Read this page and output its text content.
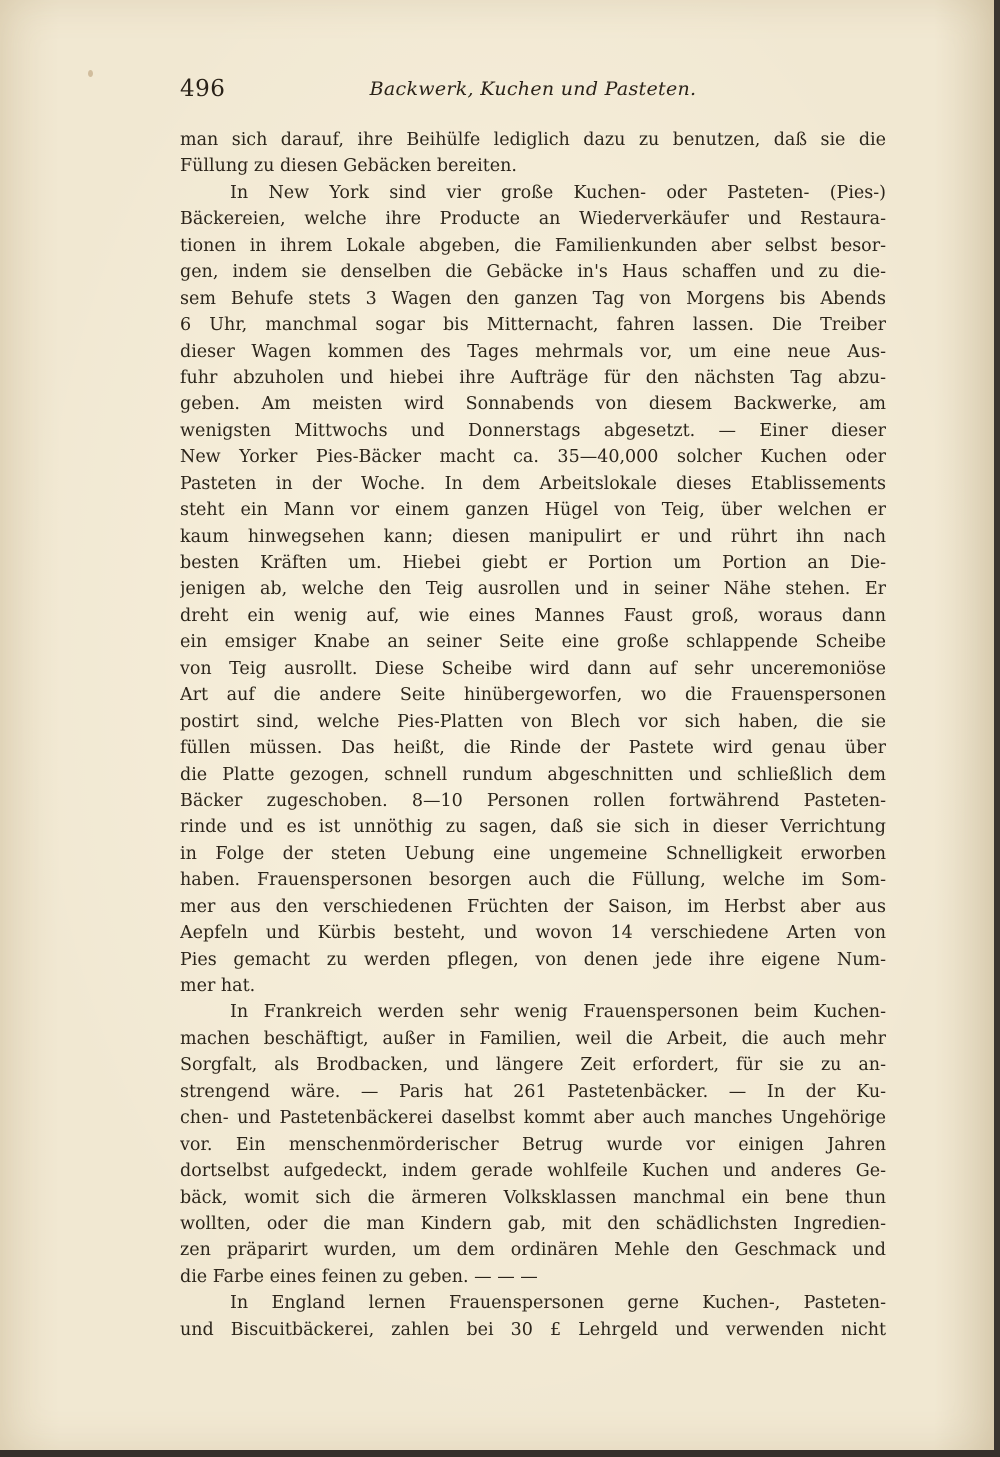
496	Backwerk, Kuchen und Pasteten.
man sich darauf, ihre Beihülfe lediglich dazu zu benutzen, daß sie die
Füllung zu diesen Gebäcken bereiten.
In New York sind vier große Kuchen- oder Pasteten- (Pies-)
Bäckereien, welche ihre Producte an Wiederverkäufer und Restaura-
tionen in ihrem Lokale abgeben, die Familienkunden aber selbst besor-
gen, indem sie denselben die Gebäcke in's Haus schaffen und zu die-
sem Behufe stets 3 Wagen den ganzen Tag von Morgens bis Abends
6 Uhr, manchmal sogar bis Mitternacht, fahren lassen. Die Treiber
dieser Wagen kommen des Tages mehrmals vor, um eine neue Aus-
fuhr abzuholen und hiebei ihre Aufträge für den nächsten Tag abzu-
geben. Am meisten wird Sonnabends von diesem Backwerke, am
wenigsten Mittwochs und Donnerstags abgesetzt. — Einer dieser
New Yorker Pies-Bäcker macht ca. 35—40,000 solcher Kuchen oder
Pasteten in der Woche. In dem Arbeitslokale dieses Etablissements
steht ein Mann vor einem ganzen Hügel von Teig, über welchen er
kaum hinwegsehen kann; diesen manipulirt er und rührt ihn nach
besten Kräften um. Hiebei giebt er Portion um Portion an Die-
jenigen ab, welche den Teig ausrollen und in seiner Nähe stehen. Er
dreht ein wenig auf, wie eines Mannes Faust groß, woraus dann
ein emsiger Knabe an seiner Seite eine große schlappende Scheibe
von Teig ausrollt. Diese Scheibe wird dann auf sehr unceremoniöse
Art auf die andere Seite hinübergeworfen, wo die Frauenspersonen
postirt sind, welche Pies-Platten von Blech vor sich haben, die sie
füllen müssen. Das heißt, die Rinde der Pastete wird genau über
die Platte gezogen, schnell rundum abgeschnitten und schließlich dem
Bäcker zugeschoben. 8—10 Personen rollen fortwährend Pasteten-
rinde und es ist unnöthig zu sagen, daß sie sich in dieser Verrichtung
in Folge der steten Uebung eine ungemeine Schnelligkeit erworben
haben. Frauenspersonen besorgen auch die Füllung, welche im Som-
mer aus den verschiedenen Früchten der Saison, im Herbst aber aus
Aepfeln und Kürbis besteht, und wovon 14 verschiedene Arten von
Pies gemacht zu werden pflegen, von denen jede ihre eigene Num-
mer hat.
In Frankreich werden sehr wenig Frauenspersonen beim Kuchen-
machen beschäftigt, außer in Familien, weil die Arbeit, die auch mehr
Sorgfalt, als Brodbacken, und längere Zeit erfordert, für sie zu an-
strengend wäre. — Paris hat 261 Pastetenbäcker. — In der Ku-
chen- und Pastetenbäckerei daselbst kommt aber auch manches Ungehörige
vor. Ein menschenmörderischer Betrug wurde vor einigen Jahren
dortselbst aufgedeckt, indem gerade wohlfeile Kuchen und anderes Ge-
bäck, womit sich die ärmeren Volksklassen manchmal ein bene thun
wollten, oder die man Kindern gab, mit den schädlichsten Ingredien-
zen präparirt wurden, um dem ordinären Mehle den Geschmack und
die Farbe eines feinen zu geben. — — —
In England lernen Frauenspersonen gerne Kuchen-, Pasteten-
und Biscuitbäckerei, zahlen bei 30 £ Lehrgeld und verwenden nicht
